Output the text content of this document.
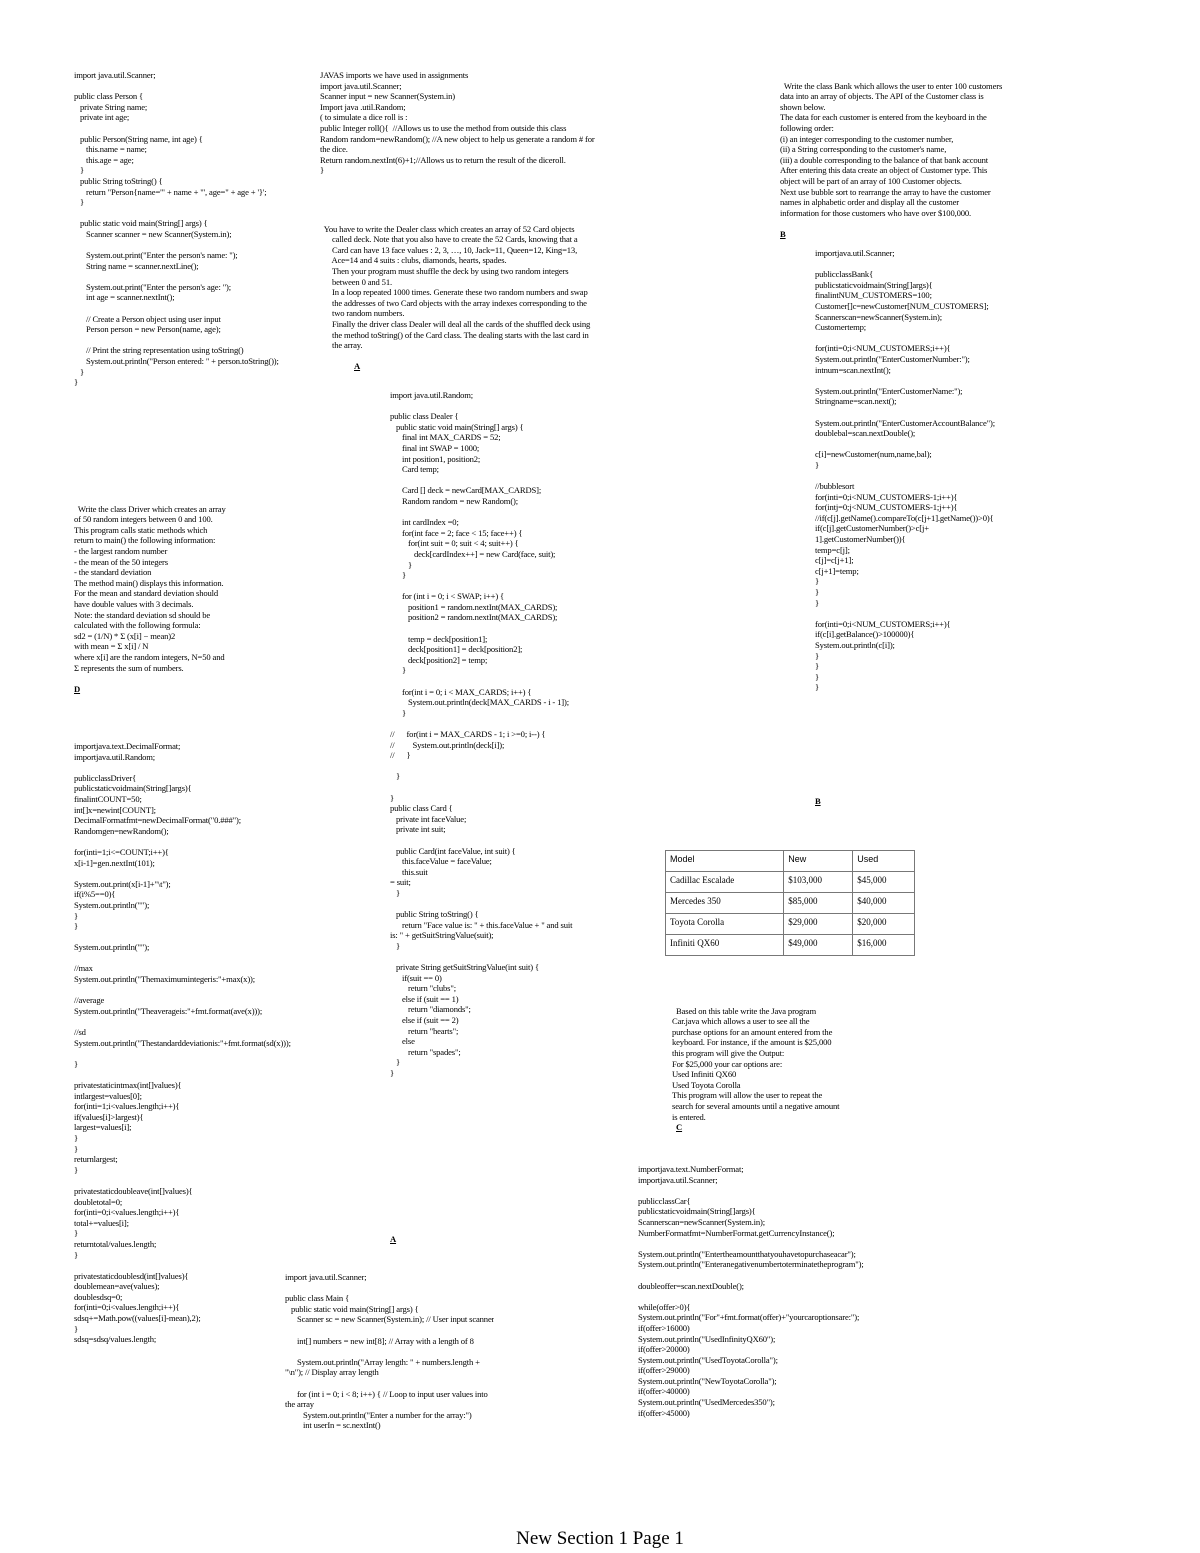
import java.util.Scanner;

public class Person {
private String name;
private int age;

public Person(String name, int age) {
this.name = name;
this.age = age;
}
public String toString() {
return "Person{name='" + name + "', age=" + age + '}';
}

public static void main(String[] args) {
Scanner scanner = new Scanner(System.in);

System.out.print("Enter the person's name: ");
String name = scanner.nextLine();

System.out.print("Enter the person's age: ");
int age = scanner.nextInt();

// Create a Person object using user input
Person person = new Person(name, age);

// Print the string representation using toString()
System.out.println("Person entered: " + person.toString());
}
}

Write the class Driver which creates an array
of 50 random integers between 0 and 100.
This program calls static methods which
return to main() the following information:
- the largest random number
- the mean of the 50 integers
- the standard deviation
The method main() displays this information.
For the mean and standard deviation should
have double values with 3 decimals.
Note: the standard deviation sd should be
calculated with the following formula:
sd2 = (1/N) * Σ (x[i] − mean)2
with mean = Σ x[i] / N
where x[i] are the random integers, N=50 and
Σ represents the sum of numbers.

D

importjava.text.DecimalFormat;
importjava.util.Random;

publicclassDriver{
publicstaticvoidmain(String[]args){
finalintCOUNT=50;
int[]x=newint[COUNT];
DecimalFormatfmt=newDecimalFormat("0.###");
Randomgen=newRandom();

for(inti=1;i<=COUNT;i++){
x[i-1]=gen.nextInt(101);

System.out.print(x[i-1]+"\t");
if(i%5==0){
System.out.println("");
}
}

System.out.println("");

//max
System.out.println("Themaximumintegeris:"+max(x));

//average
System.out.println("Theaverageis:"+fmt.format(ave(x)));

//sd
System.out.println("Thestandarddeviationis:"+fmt.format(sd(x)));

}

privatestaticintmax(int[]values){
intlargest=values[0];
for(inti=1;i<values.length;i++){
if(values[i]>largest){
largest=values[i];
}
}
returnlargest;
}

privatestaticdoubleave(int[]values){
doubletotal=0;
for(inti=0;i<values.length;i++){
total+=values[i];
}
returntotal/values.length;
}

privatestaticdoublesd(int[]values){
doublemean=ave(values);
doublesdsq=0;
for(inti=0;i<values.length;i++){
sdsq+=Math.pow((values[i]-mean),2);
}
sdsq=sdsq/values.length;
JAVAS imports we have used in assignments
import java.util.Scanner;
Scanner input = new Scanner(System.in)
Import java .util.Random;
( to simulate a dice roll is :
public Integer roll(){  //Allows us to use the method from outside this class
Random random=newRandom(); //A new object to help us generate a random # for
the dice.
Return random.nextInt(6)+1;//Allows us to return the result of the diceroll.
}

You have to write the Dealer class which creates an array of 52 Card objects
called deck. Note that you also have to create the 52 Cards, knowing that a
Card can have 13 face values : 2, 3, …, 10, Jack=11, Queen=12, King=13,
Ace=14 and 4 suits : clubs, diamonds, hearts, spades.
Then your program must shuffle the deck by using two random integers
between 0 and 51.
In a loop repeated 1000 times. Generate these two random numbers and swap
the addresses of two Card objects with the array indexes corresponding to the
two random numbers.
Finally the driver class Dealer will deal all the cards of the shuffled deck using
the method toString() of the Card class. The dealing starts with the last card in
the array.

A

import java.util.Random;

public class Dealer {
public static void main(String[] args) {
final int MAX_CARDS = 52;
final int SWAP = 1000;
int position1, position2;
Card temp;

Card [] deck = newCard[MAX_CARDS];
Random random = new Random();

int cardIndex =0;
for(int face = 2; face < 15; face++) {
for(int suit = 0; suit < 4; suit++) {
deck[cardIndex++] = new Card(face, suit);
}
}

for (int i = 0; i < SWAP; i++) {
position1 = random.nextInt(MAX_CARDS);
position2 = random.nextInt(MAX_CARDS);

temp = deck[position1];
deck[position1] = deck[position2];
deck[position2] = temp;
}

for(int i = 0; i < MAX_CARDS; i++) {
System.out.println(deck[MAX_CARDS - i - 1]);
}

//      for(int i = MAX_CARDS - 1; i >=0; i--) {
//         System.out.println(deck[i]);
//      }

}

}
public class Card {
private int faceValue;
private int suit;

public Card(int faceValue, int suit) {
this.faceValue = faceValue;
this.suit
= suit;
}

public String toString() {
return "Face value is: " + this.faceValue + " and suit
is: " + getSuitStringValue(suit);
}

private String getSuitStringValue(int suit) {
if(suit == 0)
return "clubs";
else if (suit == 1)
return "diamonds";
else if (suit == 2)
return "hearts";
else
return "spades";
}
}
A
import java.util.Scanner;

public class Main {
public static void main(String[] args) {
Scanner sc = new Scanner(System.in); // User input scanner

int[] numbers = new int[8]; // Array with a length of 8

System.out.println("Array length: " + numbers.length +
"\n"); // Display array length

for (int i = 0; i < 8; i++) { // Loop to input user values into
the array
System.out.println("Enter a number for the array:")
int userIn = sc.nextInt()

Write the class Bank which allows the user to enter 100 customers
data into an array of objects. The API of the Customer class is
shown below.
The data for each customer is entered from the keyboard in the
following order:
(i) an integer corresponding to the customer number,
(ii) a String corresponding to the customer's name,
(iii) a double corresponding to the balance of that bank account
After entering this data create an object of Customer type. This
object will be part of an array of 100 Customer objects.
Next use bubble sort to rearrange the array to have the customer
names in alphabetic order and display all the customer
information for those customers who have over $100,000.

B

importjava.util.Scanner;

publicclassBank{
publicstaticvoidmain(String[]args){
finalintNUM_CUSTOMERS=100;
Customer[]c=newCustomer[NUM_CUSTOMERS];
Scannerscan=newScanner(System.in);
Customertemp;

for(inti=0;i<NUM_CUSTOMERS;i++){
System.out.println("EnterCustomerNumber:");
intnum=scan.nextInt();

System.out.println("EnterCustomerName:");
Stringname=scan.next();

System.out.println("EnterCustomerAccountBalance");
doublebal=scan.nextDouble();

c[i]=newCustomer(num,name,bal);
}

//bubblesort
for(inti=0;i<NUM_CUSTOMERS-1;i++){
for(intj=0;j<NUM_CUSTOMERS-1;j++){
//if(c[j].getName().compareTo(c[j+1].getName())>0){
if(c[j].getCustomerNumber()>c[j+
1].getCustomerNumber()){
temp=c[j];
c[j]=c[j+1];
c[j+1]=temp;
}
}
}

for(inti=0;i<NUM_CUSTOMERS;i++){
if(c[i].getBalance()>100000){
System.out.println(c[i]);
}
}
}
}
B
Model	New	Used
Cadillac Escalade	$103,000	$45,000
Mercedes 350	$85,000	$40,000
Toyota Corolla	$29,000	$20,000
Infiniti QX60	$49,000	$16,000

Based on this table write the Java program
Car.java which allows a user to see all the
purchase options for an amount entered from the
keyboard. For instance, if the amount is $25,000
this program will give the Output:
For $25,000 your car options are:
Used Infiniti QX60
Used Toyota Corolla
This program will allow the user to repeat the
search for several amounts until a negative amount
is entered.
C

importjava.text.NumberFormat;
importjava.util.Scanner;

publicclassCar{
publicstaticvoidmain(String[]args){
Scannerscan=newScanner(System.in);
NumberFormatfmt=NumberFormat.getCurrencyInstance();

System.out.println("Entertheamountthatyouhavetopurchaseacar");
System.out.println("Enteranegativenumbertoterminatetheprogram");

doubleoffer=scan.nextDouble();

while(offer>0){
System.out.println("For"+fmt.format(offer)+"yourcaroptionsare:");
if(offer>16000)
System.out.println("UsedInfinityQX60");
if(offer>20000)
System.out.println("UsedToyotaCorolla");
if(offer>29000)
System.out.println("NewToyotaCorolla");
if(offer>40000)
System.out.println("UsedMercedes350");
if(offer>45000)
New Section 1 Page 1
